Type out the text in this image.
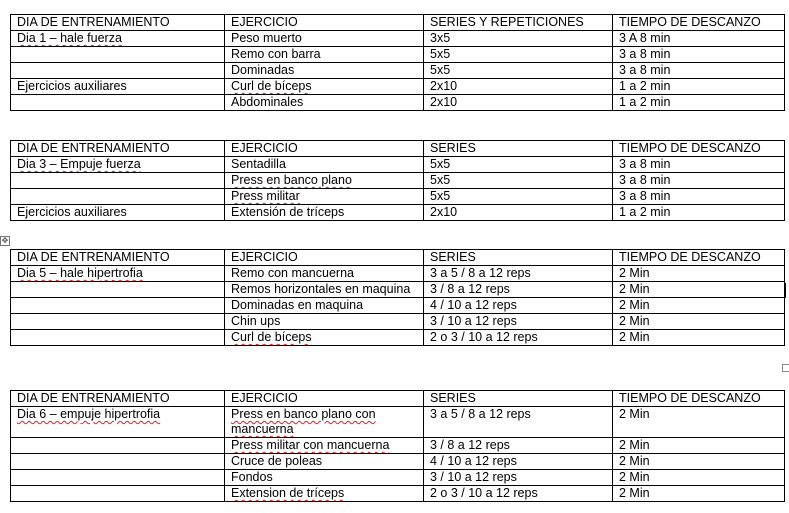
✥
DIA DE ENTRENAMIENTO	EJERCICIO	SERIES Y REPETICIONES	TIEMPO DE DESCANZO
Dia 1 – hale fuerza	Peso muerto	3x5	3 A 8 min
	Remo con barra	5x5	3 a 8 min
	Dominadas	5x5	3 a 8 min
Ejercicios auxiliares	Curl de bíceps	2x10	1 a 2 min
	Abdominales	2x10	1 a 2 min
DIA DE ENTRENAMIENTO	EJERCICIO	SERIES	TIEMPO DE DESCANZO
Dia 3 – Empuje fuerza	Sentadilla	5x5	3 a 8 min
	Press en banco plano	5x5	3 a 8 min
	Press militar	5x5	3 a 8 min
Ejercicios auxiliares	Extensión de tríceps	2x10	1 a 2 min
DIA DE ENTRENAMIENTO	EJERCICIO	SERIES	TIEMPO DE DESCANZO
Dia 5 – hale hipertrofia	Remo con mancuerna	3 a 5 / 8 a 12 reps	2 Min
	Remos horizontales en maquina	3 / 8 a 12 reps	2 Min
	Dominadas en maquina	4 / 10 a 12 reps	2 Min
	Chin ups	3 / 10 a 12 reps	2 Min
	Curl de bíceps	2 o 3 / 10 a 12 reps	2 Min
DIA DE ENTRENAMIENTO	EJERCICIO	SERIES	TIEMPO DE DESCANZO
Dia 6 – empuje hipertrofia	Press en banco plano con mancuerna	3 a 5 / 8 a 12 reps	2 Min
	Press militar con mancuerna	3 / 8 a 12 reps	2 Min
	Cruce de poleas	4 / 10 a 12 reps	2 Min
	Fondos	3 / 10 a 12 reps	2 Min
	Extension de tríceps	2 o 3 / 10 a 12 reps	2 Min
